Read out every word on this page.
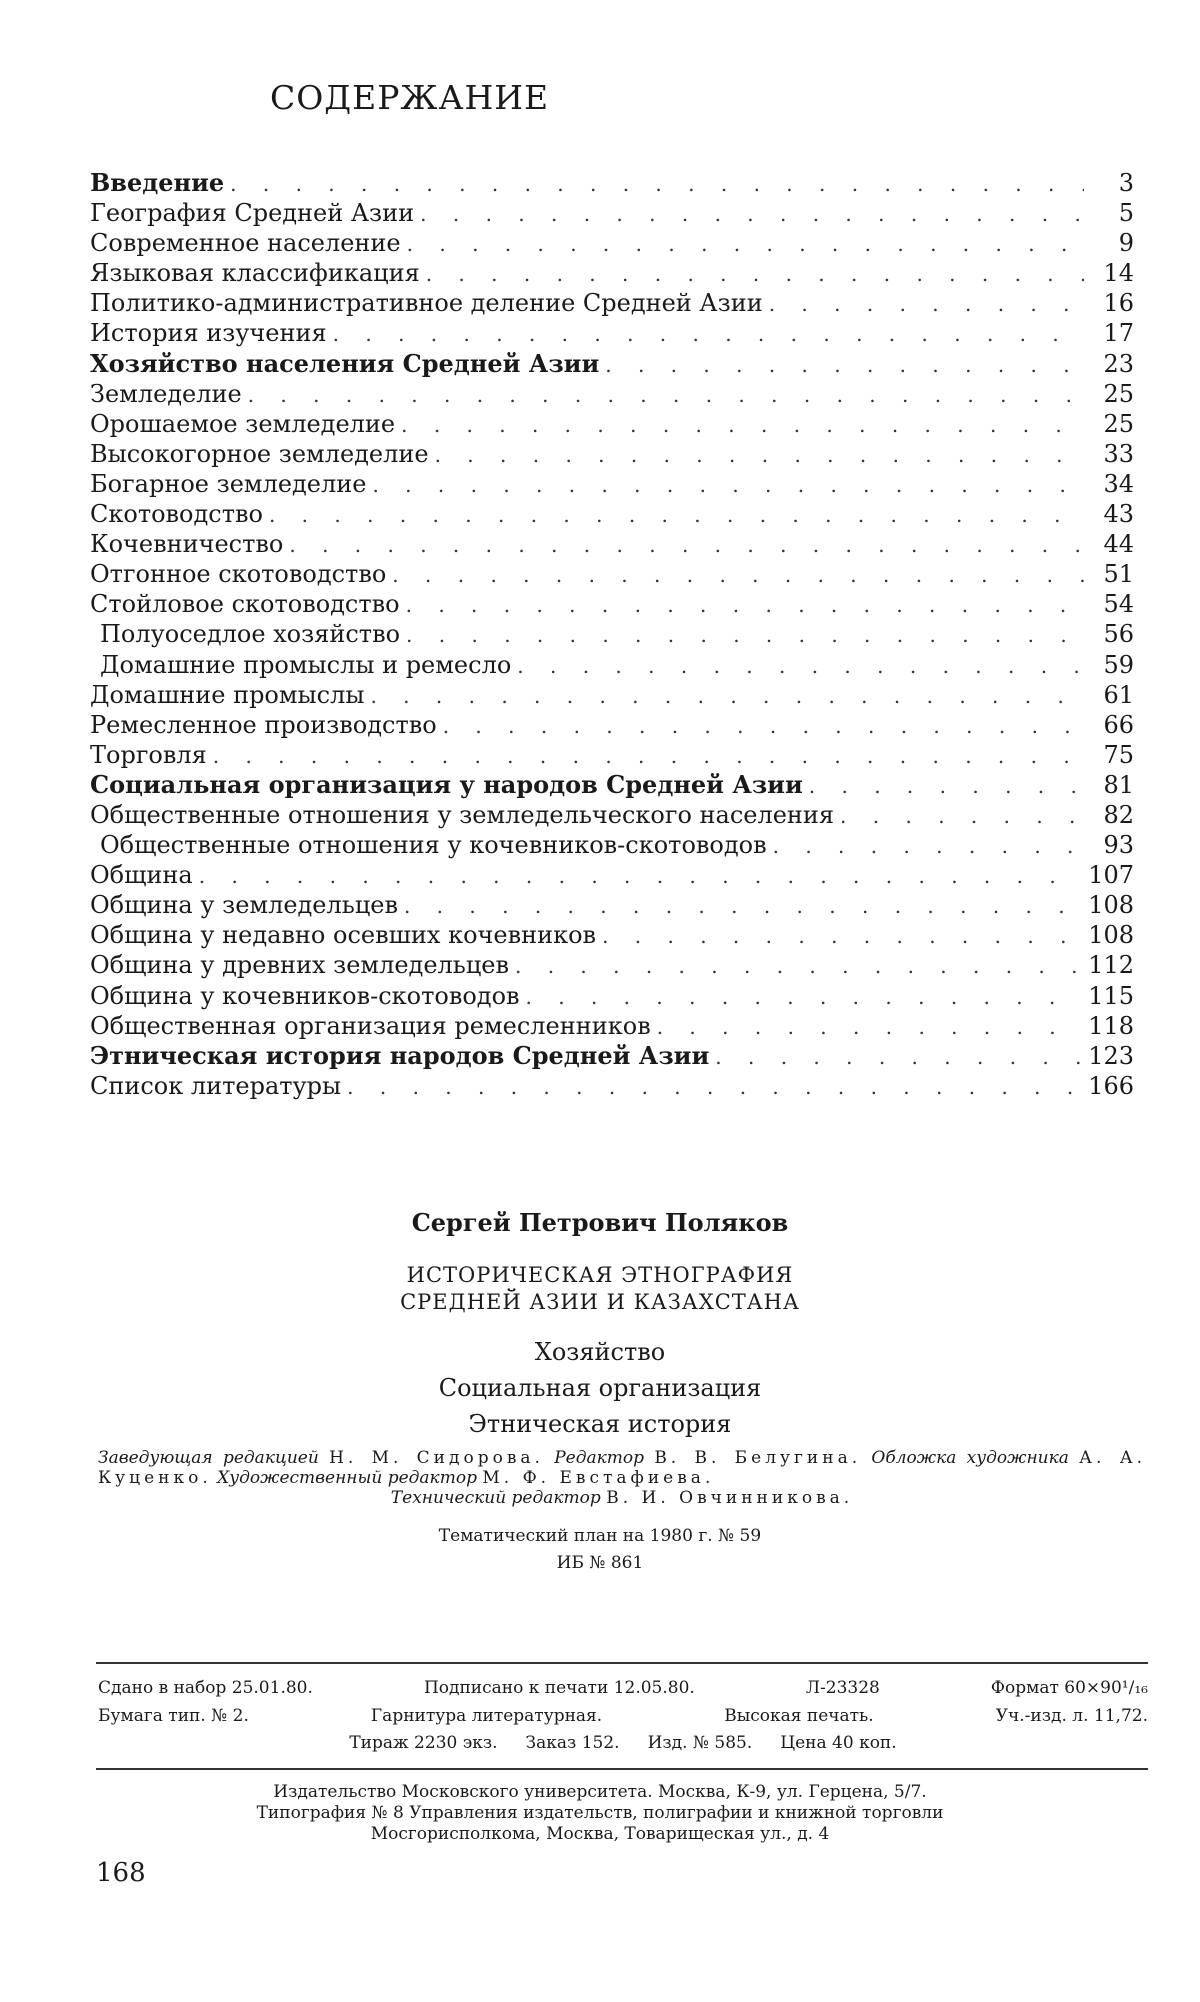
СОДЕРЖАНИЕ
Введение . . .	3
География Средней Азии . . .	5
Современное население . . .	9
Языковая классификация . . .	14
Политико-административное деление Средней Азии . . .	16
История изучения . . .	17
Хозяйство населения Средней Азии . . .	23
Земледелие . . .	25
Орошаемое земледелие . . .	25
Высокогорное земледелие . . .	33
Богарное земледелие . . .	34
Скотоводство . . .	43
Кочевничество . . .	44
Отгонное скотоводство . . .	51
Стойловое скотоводство . . .	54
Полуоседлое хозяйство . . .	56
Домашние промыслы и ремесло . . .	59
Домашние промыслы . . .	61
Ремесленное производство . . .	66
Торговля . . .	75
Социальная организация у народов Средней Азии . . .	81
Общественные отношения у земледельческого населения . . .	82
Общественные отношения у кочевников-скотоводов . . .	93
Община . . .	107
Община у земледельцев . . .	108
Община у недавно осевших кочевников . . .	108
Община у древних земледельцев . . .	112
Община у кочевников-скотоводов . . .	115
Общественная организация ремесленников . . .	118
Этническая история народов Средней Азии . . .	123
Список литературы . . .	166
Сергей Петрович Поляков
ИСТОРИЧЕСКАЯ ЭТНОГРАФИЯ
СРЕДНЕЙ АЗИИ И КАЗАХСТАНА
Хозяйство
Социальная организация
Этническая история
Заведующая редакцией Н. М. Сидорова. Редактор В. В. Белугина. Обложка художника А. А. Куценко. Художественный редактор М. Ф. Евстафиева.
Технический редактор В. И. Овчинникова.
Тематический план на 1980 г. № 59
ИБ № 861
Сдано в набор 25.01.80.	Подписано к печати 12.05.80.	Л-23328	Формат 60×90¹/₁₆
Бумага тип. № 2.	Гарнитура литературная.	Высокая печать.	Уч.-изд. л. 11,72.
Тираж 2230 экз. Заказ 152. Изд. № 585. Цена 40 коп.
Издательство Московского университета. Москва, К-9, ул. Герцена, 5/7.
Типография № 8 Управления издательств, полиграфии и книжной торговли
Мосгорисполкома, Москва, Товарищеская ул., д. 4
168
